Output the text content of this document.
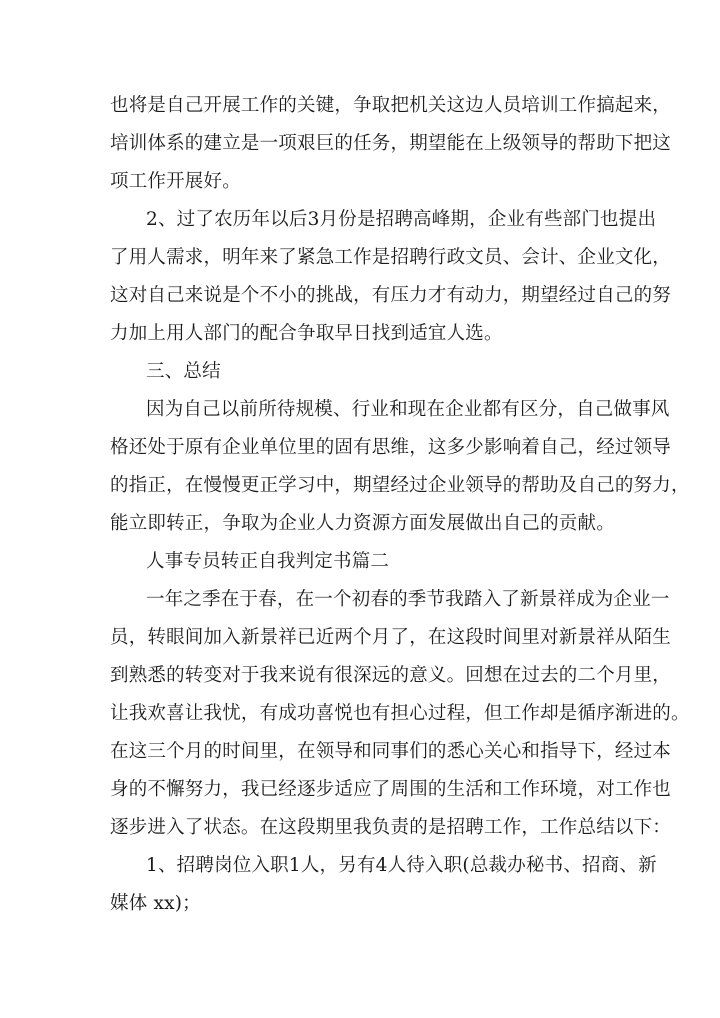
也将是自己开展工作的关键，争取把机关这边人员培训工作搞起来，
培训体系的建立是一项艰巨的任务，期望能在上级领导的帮助下把这
项工作开展好。
2、过了农历年以后3月份是招聘高峰期，企业有些部门也提出
了用人需求，明年来了紧急工作是招聘行政文员、会计、企业文化，
这对自己来说是个不小的挑战，有压力才有动力，期望经过自己的努
力加上用人部门的配合争取早日找到适宜人选。
三、总结
因为自己以前所待规模、行业和现在企业都有区分，自己做事风
格还处于原有企业单位里的固有思维，这多少影响着自己，经过领导
的指正，在慢慢更正学习中，期望经过企业领导的帮助及自己的努力，
能立即转正，争取为企业人力资源方面发展做出自己的贡献。
人事专员转正自我判定书篇二
一年之季在于春，在一个初春的季节我踏入了新景祥成为企业一
员，转眼间加入新景祥已近两个月了，在这段时间里对新景祥从陌生
到熟悉的转变对于我来说有很深远的意义。回想在过去的二个月里，
让我欢喜让我忧，有成功喜悦也有担心过程，但工作却是循序渐进的。
在这三个月的时间里，在领导和同事们的悉心关心和指导下，经过本
身的不懈努力，我已经逐步适应了周围的生活和工作环境，对工作也
逐步进入了状态。在这段期里我负责的是招聘工作，工作总结以下：
1、招聘岗位入职1人，另有4人待入职(总裁办秘书、招商、新
媒体 xx)；
